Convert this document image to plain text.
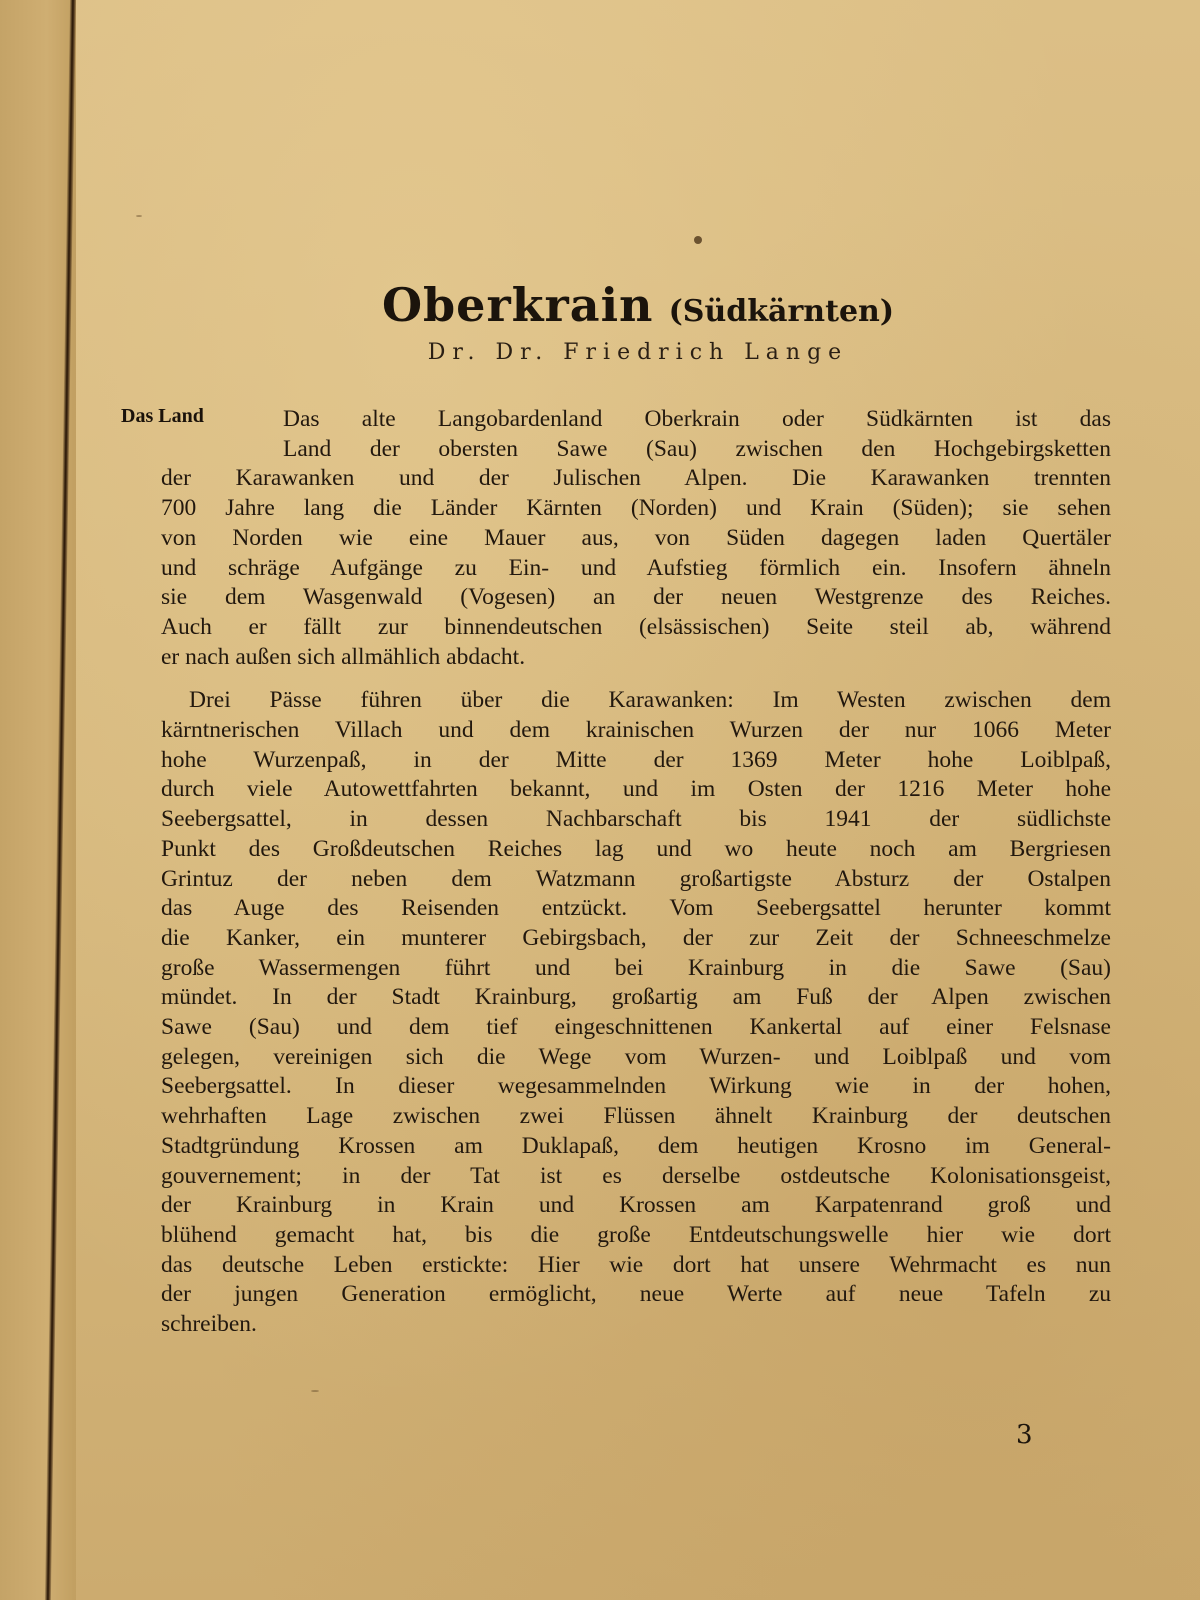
Oberkrain (Südkärnten)
Dr. Dr. Friedrich Lange
Das Land	Das alte Langobardenland Oberkrain oder Südkärnten ist das
Land der obersten Sawe (Sau) zwischen den Hochgebirgsketten
der Karawanken und der Julischen Alpen. Die Karawanken trennten
700 Jahre lang die Länder Kärnten (Norden) und Krain (Süden); sie sehen
von Norden wie eine Mauer aus, von Süden dagegen laden Quertäler
und schräge Aufgänge zu Ein- und Aufstieg förmlich ein. Insofern ähneln
sie dem Wasgenwald (Vogesen) an der neuen Westgrenze des Reiches.
Auch er fällt zur binnendeutschen (elsässischen) Seite steil ab, während
er nach außen sich allmählich abdacht.
Drei Pässe führen über die Karawanken: Im Westen zwischen dem
kärntnerischen Villach und dem krainischen Wurzen der nur 1066 Meter
hohe Wurzenpaß, in der Mitte der 1369 Meter hohe Loiblpaß,
durch viele Autowettfahrten bekannt, und im Osten der 1216 Meter hohe
Seebergsattel, in dessen Nachbarschaft bis 1941 der südlichste
Punkt des Großdeutschen Reiches lag und wo heute noch am Bergriesen
Grintuz der neben dem Watzmann großartigste Absturz der Ostalpen
das Auge des Reisenden entzückt. Vom Seebergsattel herunter kommt
die Kanker, ein munterer Gebirgsbach, der zur Zeit der Schneeschmelze
große Wassermengen führt und bei Krainburg in die Sawe (Sau)
mündet. In der Stadt Krainburg, großartig am Fuß der Alpen zwischen
Sawe (Sau) und dem tief eingeschnittenen Kankertal auf einer Felsnase
gelegen, vereinigen sich die Wege vom Wurzen- und Loiblpaß und vom
Seebergsattel. In dieser wegesammelnden Wirkung wie in der hohen,
wehrhaften Lage zwischen zwei Flüssen ähnelt Krainburg der deutschen
Stadtgründung Krossen am Duklapaß, dem heutigen Krosno im General-
gouvernement; in der Tat ist es derselbe ostdeutsche Kolonisationsgeist,
der Krainburg in Krain und Krossen am Karpatenrand groß und
blühend gemacht hat, bis die große Entdeutschungswelle hier wie dort
das deutsche Leben erstickte: Hier wie dort hat unsere Wehrmacht es nun
der jungen Generation ermöglicht, neue Werte auf neue Tafeln zu
schreiben.
3
